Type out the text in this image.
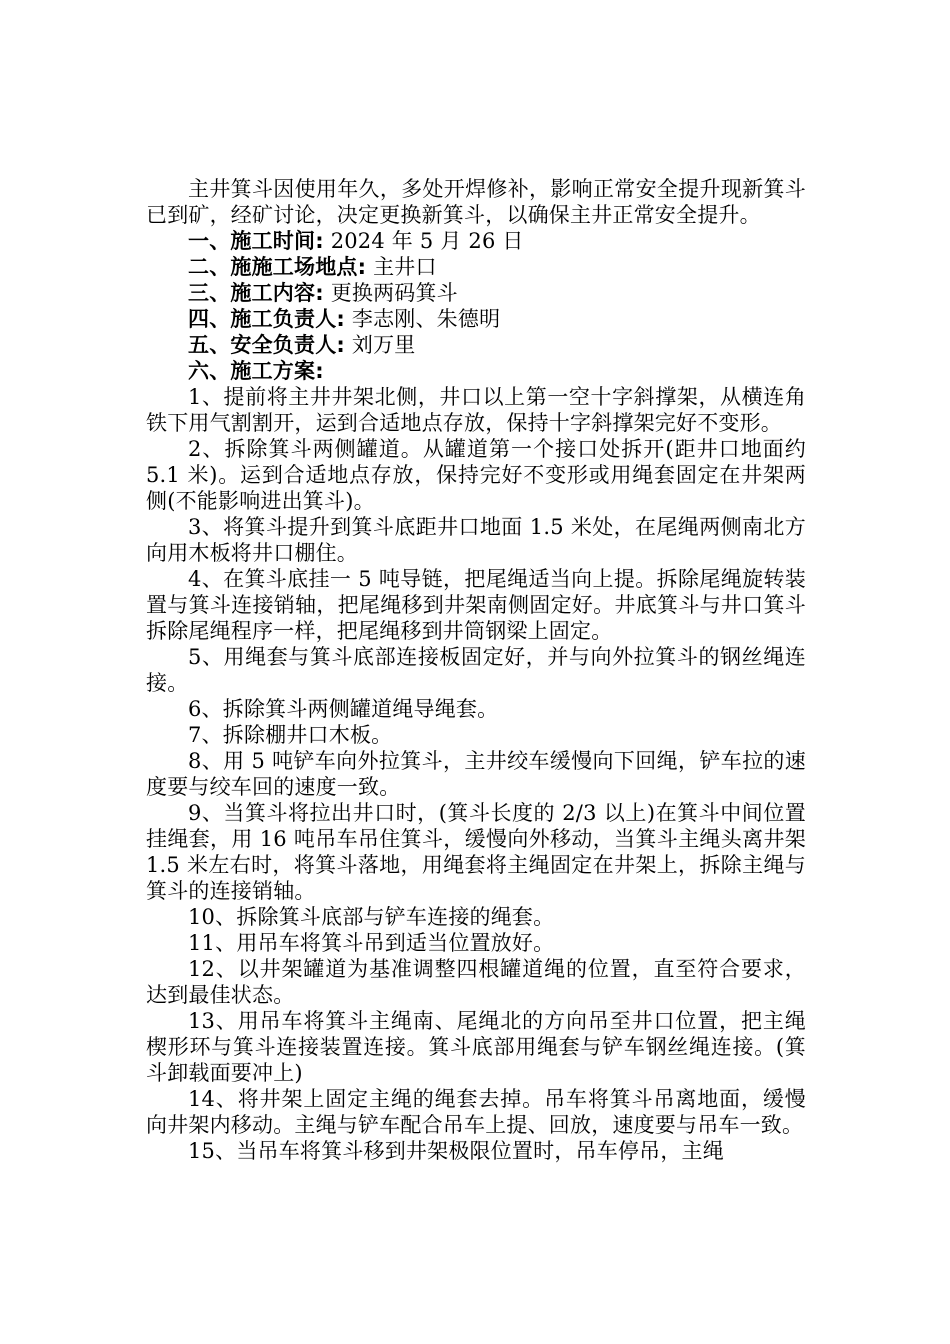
主井箕斗因使用年久，多处开焊修补，影响正常安全提升现新箕斗已到矿，经矿讨论，决定更换新箕斗，以确保主井正常安全提升。

一、施工时间: 2024 年 5 月 26 日

二、施施工场地点: 主井口

三、施工内容: 更换两码箕斗

四、施工负责人: 李志刚、朱德明

五、安全负责人: 刘万里

六、施工方案:

1、提前将主井井架北侧，井口以上第一空十字斜撑架，从横连角铁下用气割割开，运到合适地点存放，保持十字斜撑架完好不变形。

2、拆除箕斗两侧罐道。从罐道第一个接口处拆开(距井口地面约 5.1 米)。运到合适地点存放，保持完好不变形或用绳套固定在井架两侧(不能影响进出箕斗)。

3、将箕斗提升到箕斗底距井口地面 1.5 米处，在尾绳两侧南北方向用木板将井口棚住。

4、在箕斗底挂一 5 吨导链，把尾绳适当向上提。拆除尾绳旋转装置与箕斗连接销轴，把尾绳移到井架南侧固定好。井底箕斗与井口箕斗拆除尾绳程序一样，把尾绳移到井筒钢梁上固定。

5、用绳套与箕斗底部连接板固定好，并与向外拉箕斗的钢丝绳连接。

6、拆除箕斗两侧罐道绳导绳套。

7、拆除棚井口木板。

8、用 5 吨铲车向外拉箕斗，主井绞车缓慢向下回绳，铲车拉的速度要与绞车回的速度一致。

9、当箕斗将拉出井口时，(箕斗长度的 2/3 以上)在箕斗中间位置挂绳套，用 16 吨吊车吊住箕斗，缓慢向外移动，当箕斗主绳头离井架 1.5 米左右时，将箕斗落地，用绳套将主绳固定在井架上，拆除主绳与箕斗的连接销轴。

10、拆除箕斗底部与铲车连接的绳套。

11、用吊车将箕斗吊到适当位置放好。

12、以井架罐道为基准调整四根罐道绳的位置，直至符合要求，达到最佳状态。

13、用吊车将箕斗主绳南、尾绳北的方向吊至井口位置，把主绳楔形环与箕斗连接装置连接。箕斗底部用绳套与铲车钢丝绳连接。(箕斗卸载面要冲上)

14、将井架上固定主绳的绳套去掉。吊车将箕斗吊离地面，缓慢向井架内移动。主绳与铲车配合吊车上提、回放，速度要与吊车一致。

15、当吊车将箕斗移到井架极限位置时，吊车停吊，主绳
